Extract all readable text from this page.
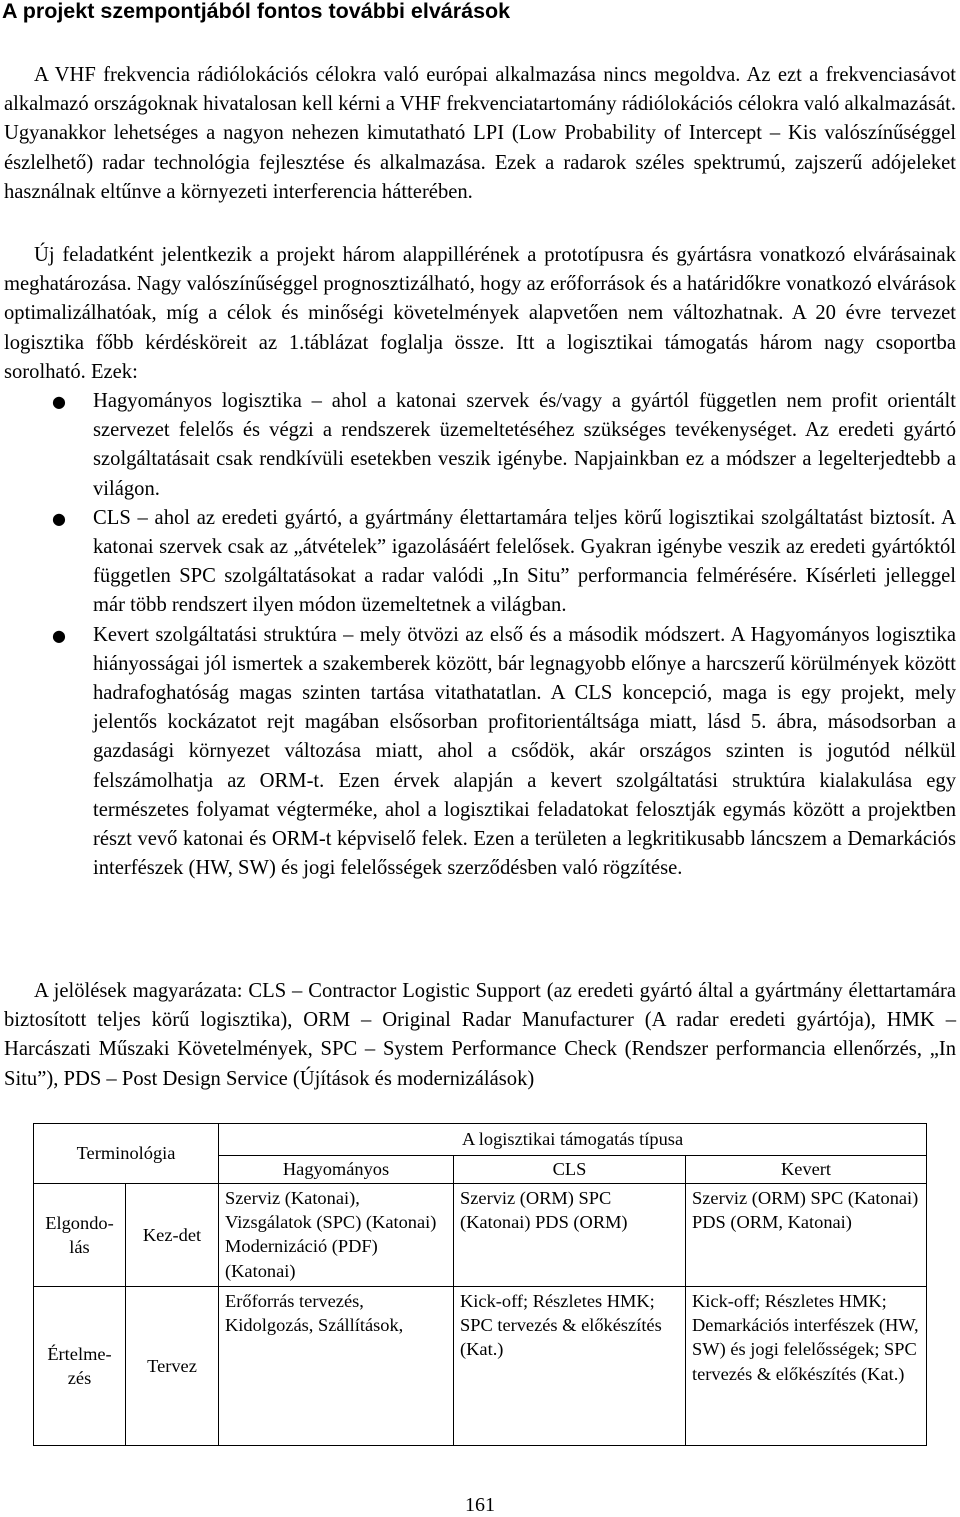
A projekt szempontjából fontos további elvárások

A VHF frekvencia rádiólokációs célokra való európai alkalmazása nincs megoldva. Az ezt a frekvenciasávot alkalmazó országoknak hivatalosan kell kérni a VHF frekvenciatartomány rádiólokációs célokra való alkalmazását. Ugyanakkor lehetséges a nagyon nehezen kimutatható LPI (Low Probability of Intercept – Kis valószínűséggel észlelhető) radar technológia fejlesztése és alkalmazása. Ezek a radarok széles spektrumú, zajszerű adójeleket használnak eltűnve a környezeti interferencia hátterében.

Új feladatként jelentkezik a projekt három alappillérének a prototípusra és gyártásra vonatkozó elvárásainak meghatározása. Nagy valószínűséggel prognosztizálható, hogy az erőforrások és a határidőkre vonatkozó elvárások optimalizálhatóak, míg a célok és minőségi követelmények alapvetően nem változhatnak. A 20 évre tervezet logisztika főbb kérdésköreit az 1.táblázat foglalja össze. Itt a logisztikai támogatás három nagy csoportba sorolható. Ezek:

● Hagyományos logisztika – ahol a katonai szervek és/vagy a gyártól független nem profit orientált szervezet felelős és végzi a rendszerek üzemeltetéséhez szükséges tevékenységet. Az eredeti gyártó szolgáltatásait csak rendkívüli esetekben veszik igénybe. Napjainkban ez a módszer a legelterjedtebb a világon.
● CLS – ahol az eredeti gyártó, a gyártmány élettartamára teljes körű logisztikai szolgáltatást biztosít. A katonai szervek csak az „átvételek” igazolásáért felelősek. Gyakran igénybe veszik az eredeti gyártóktól független SPC szolgáltatásokat a radar valódi „In Situ” performancia felmérésére. Kísérleti jelleggel már több rendszert ilyen módon üzemeltetnek a világban.
● Kevert szolgáltatási struktúra – mely ötvözi az első és a második módszert. A Hagyományos logisztika hiányosságai jól ismertek a szakemberek között, bár legnagyobb előnye a harcszerű körülmények között hadrafoghatóság magas szinten tartása vitathatatlan. A CLS koncepció, maga is egy projekt, mely jelentős kockázatot rejt magában elsősorban profitorientáltsága miatt, lásd 5. ábra, másodsorban a gazdasági környezet változása miatt, ahol a csődök, akár országos szinten is jogutód nélkül felszámolhatja az ORM-t. Ezen érvek alapján a kevert szolgáltatási struktúra kialakulása egy természetes folyamat végterméke, ahol a logisztikai feladatokat felosztják egymás között a projektben részt vevő katonai és ORM-t képviselő felek. Ezen a területen a legkritikusabb láncszem a Demarkációs interfészek (HW, SW) és jogi felelősségek szerződésben való rögzítése.

A jelölések magyarázata: CLS – Contractor Logistic Support (az eredeti gyártó által a gyártmány élettartamára biztosított teljes körű logisztika), ORM – Original Radar Manufacturer (A radar eredeti gyártója), HMK – Harcászati Műszaki Követelmények, SPC – System Performance Check (Rendszer performancia ellenőrzés, „In Situ”), PDS – Post Design Service (Újítások és modernizálások)

Terminológia		A logisztikai támogatás típusa		
		Hagyományos	CLS	Kevert
Elgondo-lás	Kez-det	Szerviz (Katonai), Vizsgálatok (SPC) (Katonai) Modernizáció (PDF) (Katonai)	Szerviz (ORM) SPC (Katonai) PDS (ORM)	Szerviz (ORM) SPC (Katonai) PDS (ORM, Katonai)
Értelme-zés	Tervez	Erőforrás tervezés, Kidolgozás, Szállítások,	Kick-off; Részletes HMK; SPC tervezés & előkészítés (Kat.)	Kick-off; Részletes HMK; Demarkációs interfészek (HW, SW) és jogi felelősségek; SPC tervezés & előkészítés (Kat.)
161
